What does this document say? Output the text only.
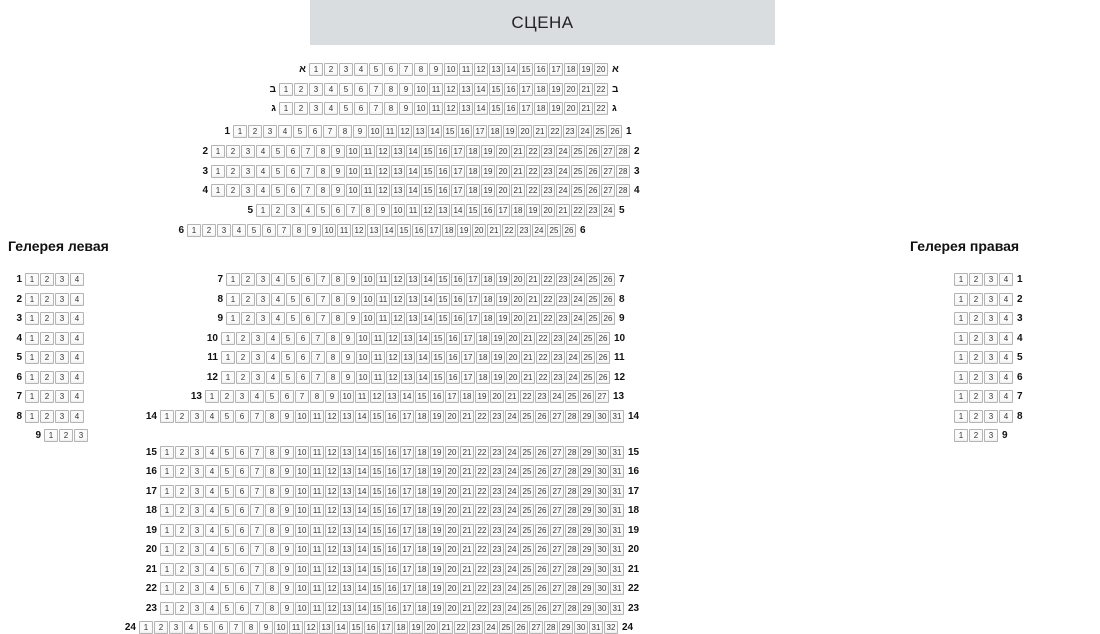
СЦЕНА
Гелерея левая	Гелерея правая
א 1	2	3	4	5	6	7	8	9	10 11 12 13 14 15 16 17 18 19 20 א
ב 1	2	3	4	5	6	7	8	9	10 11 12 13 14 15 16 17 18 19 20 21 22 ב
ג 1	2	3	4	5	6	7	8	9	10 11 12 13 14 15 16 17 18 19 20 21 22 ג
1 1	2	3	4	5	6	7	8	9	10 11 12 13 14 15 16 17 18 19 20 21 22 23 24 25 26 1
2 1	2	3	4	5	6	7	8	9	10 11 12 13 14 15 16 17 18 19 20 21 22 23 24 25 26 27 28 2
3 1	2	3	4	5	6	7	8	9	10 11 12 13 14 15 16 17 18 19 20 21 22 23 24 25 26 27 28 3
4 1	2	3	4	5	6	7	8	9	10 11 12 13 14 15 16 17 18 19 20 21 22 23 24 25 26 27 28 4
5 1	2	3	4	5	6	7	8	9	10 11 12 13 14 15 16 17 18 19 20 21 22 23 24 5
6 1	2	3	4	5	6	7	8	9	10 11 12 13 14 15 16 17 18 19 20 21 22 23 24 25 26 6
7 1	2	3	4	5	6	7	8	9	10 11 12 13 14 15 16 17 18 19 20 21 22 23 24 25 26 7
8 1	2	3	4	5	6	7	8	9	10 11 12 13 14 15 16 17 18 19 20 21 22 23 24 25 26 8
9 1	2	3	4	5	6	7	8	9	10 11 12 13 14 15 16 17 18 19 20 21 22 23 24 25 26 9
10 1	2	3	4	5	6	7	8	9	10 11 12 13 14 15 16 17 18 19 20 21 22 23 24 25 26 10
11 1	2	3	4	5	6	7	8	9	10 11 12 13 14 15 16 17 18 19 20 21 22 23 24 25 26 11
12 1	2	3	4	5	6	7	8	9	10 11 12 13 14 15 16 17 18 19 20 21 22 23 24 25 26 12
13 1	2	3	4	5	6	7	8	9	10 11 12 13 14 15 16 17 18 19 20 21 22 23 24 25 26 27 13
14 1	2	3	4	5	6	7	8	9	10 11 12 13 14 15 16 17 18 19 20 21 22 23 24 25 26 27 28 29 30 31 14
15 1	2	3	4	5	6	7	8	9	10 11 12 13 14 15 16 17 18 19 20 21 22 23 24 25 26 27 28 29 30 31 15
16 1	2	3	4	5	6	7	8	9	10 11 12 13 14 15 16 17 18 19 20 21 22 23 24 25 26 27 28 29 30 31 16
17 1	2	3	4	5	6	7	8	9	10 11 12 13 14 15 16 17 18 19 20 21 22 23 24 25 26 27 28 29 30 31 17
18 1	2	3	4	5	6	7	8	9	10 11 12 13 14 15 16 17 18 19 20 21 22 23 24 25 26 27 28 29 30 31 18
19 1	2	3	4	5	6	7	8	9	10 11 12 13 14 15 16 17 18 19 20 21 22 23 24 25 26 27 28 29 30 31 19
20 1	2	3	4	5	6	7	8	9	10 11 12 13 14 15 16 17 18 19 20 21 22 23 24 25 26 27 28 29 30 31 20
21 1	2	3	4	5	6	7	8	9	10 11 12 13 14 15 16 17 18 19 20 21 22 23 24 25 26 27 28 29 30 31 21
22 1	2	3	4	5	6	7	8	9	10 11 12 13 14 15 16 17 18 19 20 21 22 23 24 25 26 27 28 29 30 31 22
23 1	2	3	4	5	6	7	8	9	10 11 12 13 14 15 16 17 18 19 20 21 22 23 24 25 26 27 28 29 30 31 23
24 1	2	3	4	5	6	7	8	9	10 11 12 13 14 15 16 17 18 19 20 21 22 23 24 25 26 27 28 29 30 31 32 24
1 1	2	3	4
2 1	2	3	4
3 1	2	3	4
4 1	2	3	4
5 1	2	3	4
6 1	2	3	4
7 1	2	3	4
8 1	2	3	4
9 1	2	3
1	2	3	4 1
1	2	3	4 2
1	2	3	4 3
1	2	3	4 4
1	2	3	4 5
1	2	3	4 6
1	2	3	4 7
1	2	3	4 8
1	2	3 9
